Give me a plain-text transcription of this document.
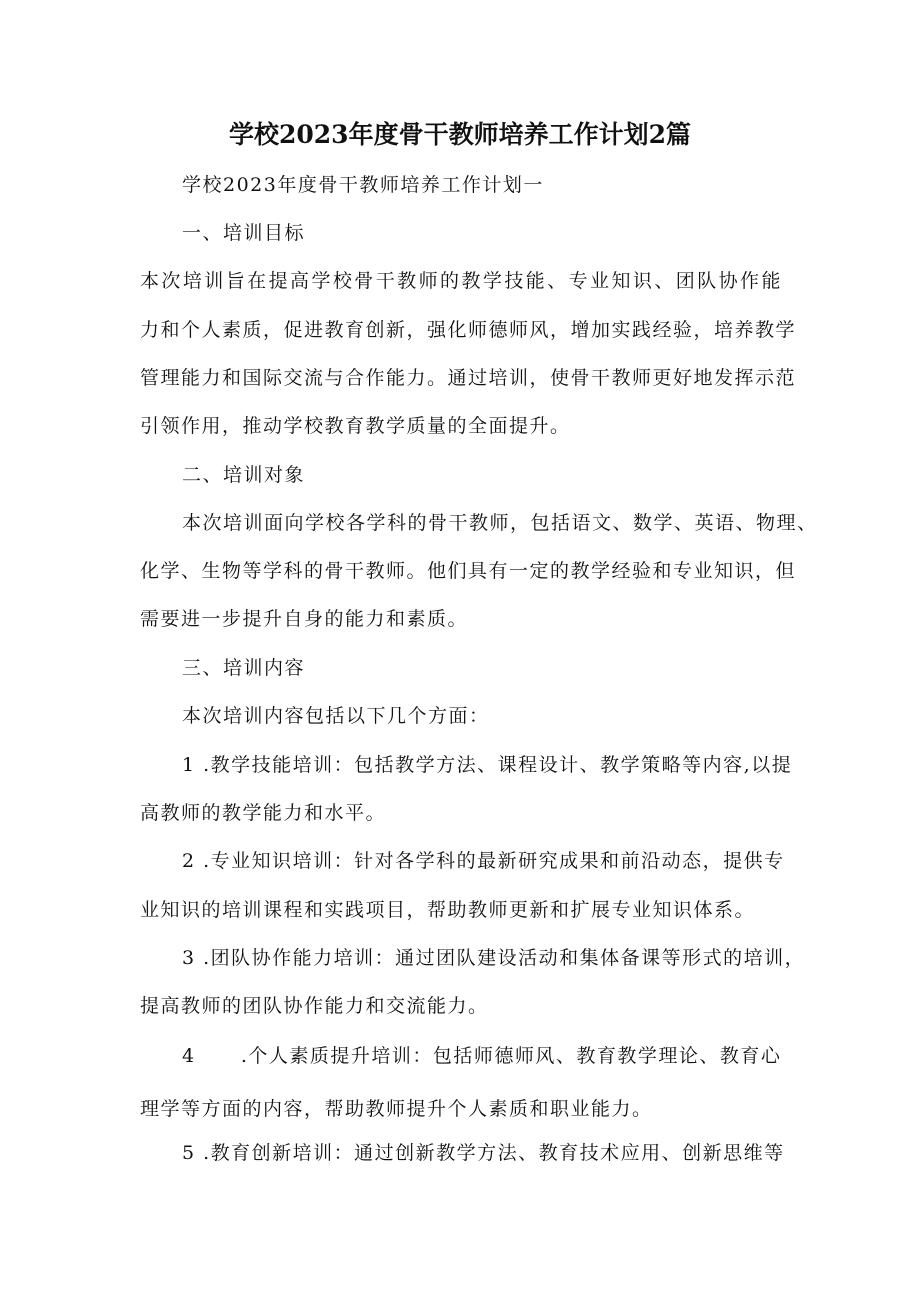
学校2023年度骨干教师培养工作计划2篇

学校2023年度骨干教师培养工作计划一

一、培训目标

本次培训旨在提高学校骨干教师的教学技能、专业知识、团队协作能

力和个人素质，促进教育创新，强化师德师风，增加实践经验，培养教学

管理能力和国际交流与合作能力。通过培训，使骨干教师更好地发挥示范

引领作用，推动学校教育教学质量的全面提升。

二、培训对象

本次培训面向学校各学科的骨干教师，包括语文、数学、英语、物理、

化学、生物等学科的骨干教师。他们具有一定的教学经验和专业知识，但

需要进一步提升自身的能力和素质。

三、培训内容

本次培训内容包括以下几个方面：

1 .教学技能培训：包括教学方法、课程设计、教学策略等内容,以提

高教师的教学能力和水平。

2 .专业知识培训：针对各学科的最新研究成果和前沿动态，提供专

业知识的培训课程和实践项目，帮助教师更新和扩展专业知识体系。

3 .团队协作能力培训：通过团队建设活动和集体备课等形式的培训，

提高教师的团队协作能力和交流能力。

4      .个人素质提升培训：包括师德师风、教育教学理论、教育心

理学等方面的内容，帮助教师提升个人素质和职业能力。

5 .教育创新培训：通过创新教学方法、教育技术应用、创新思维等
